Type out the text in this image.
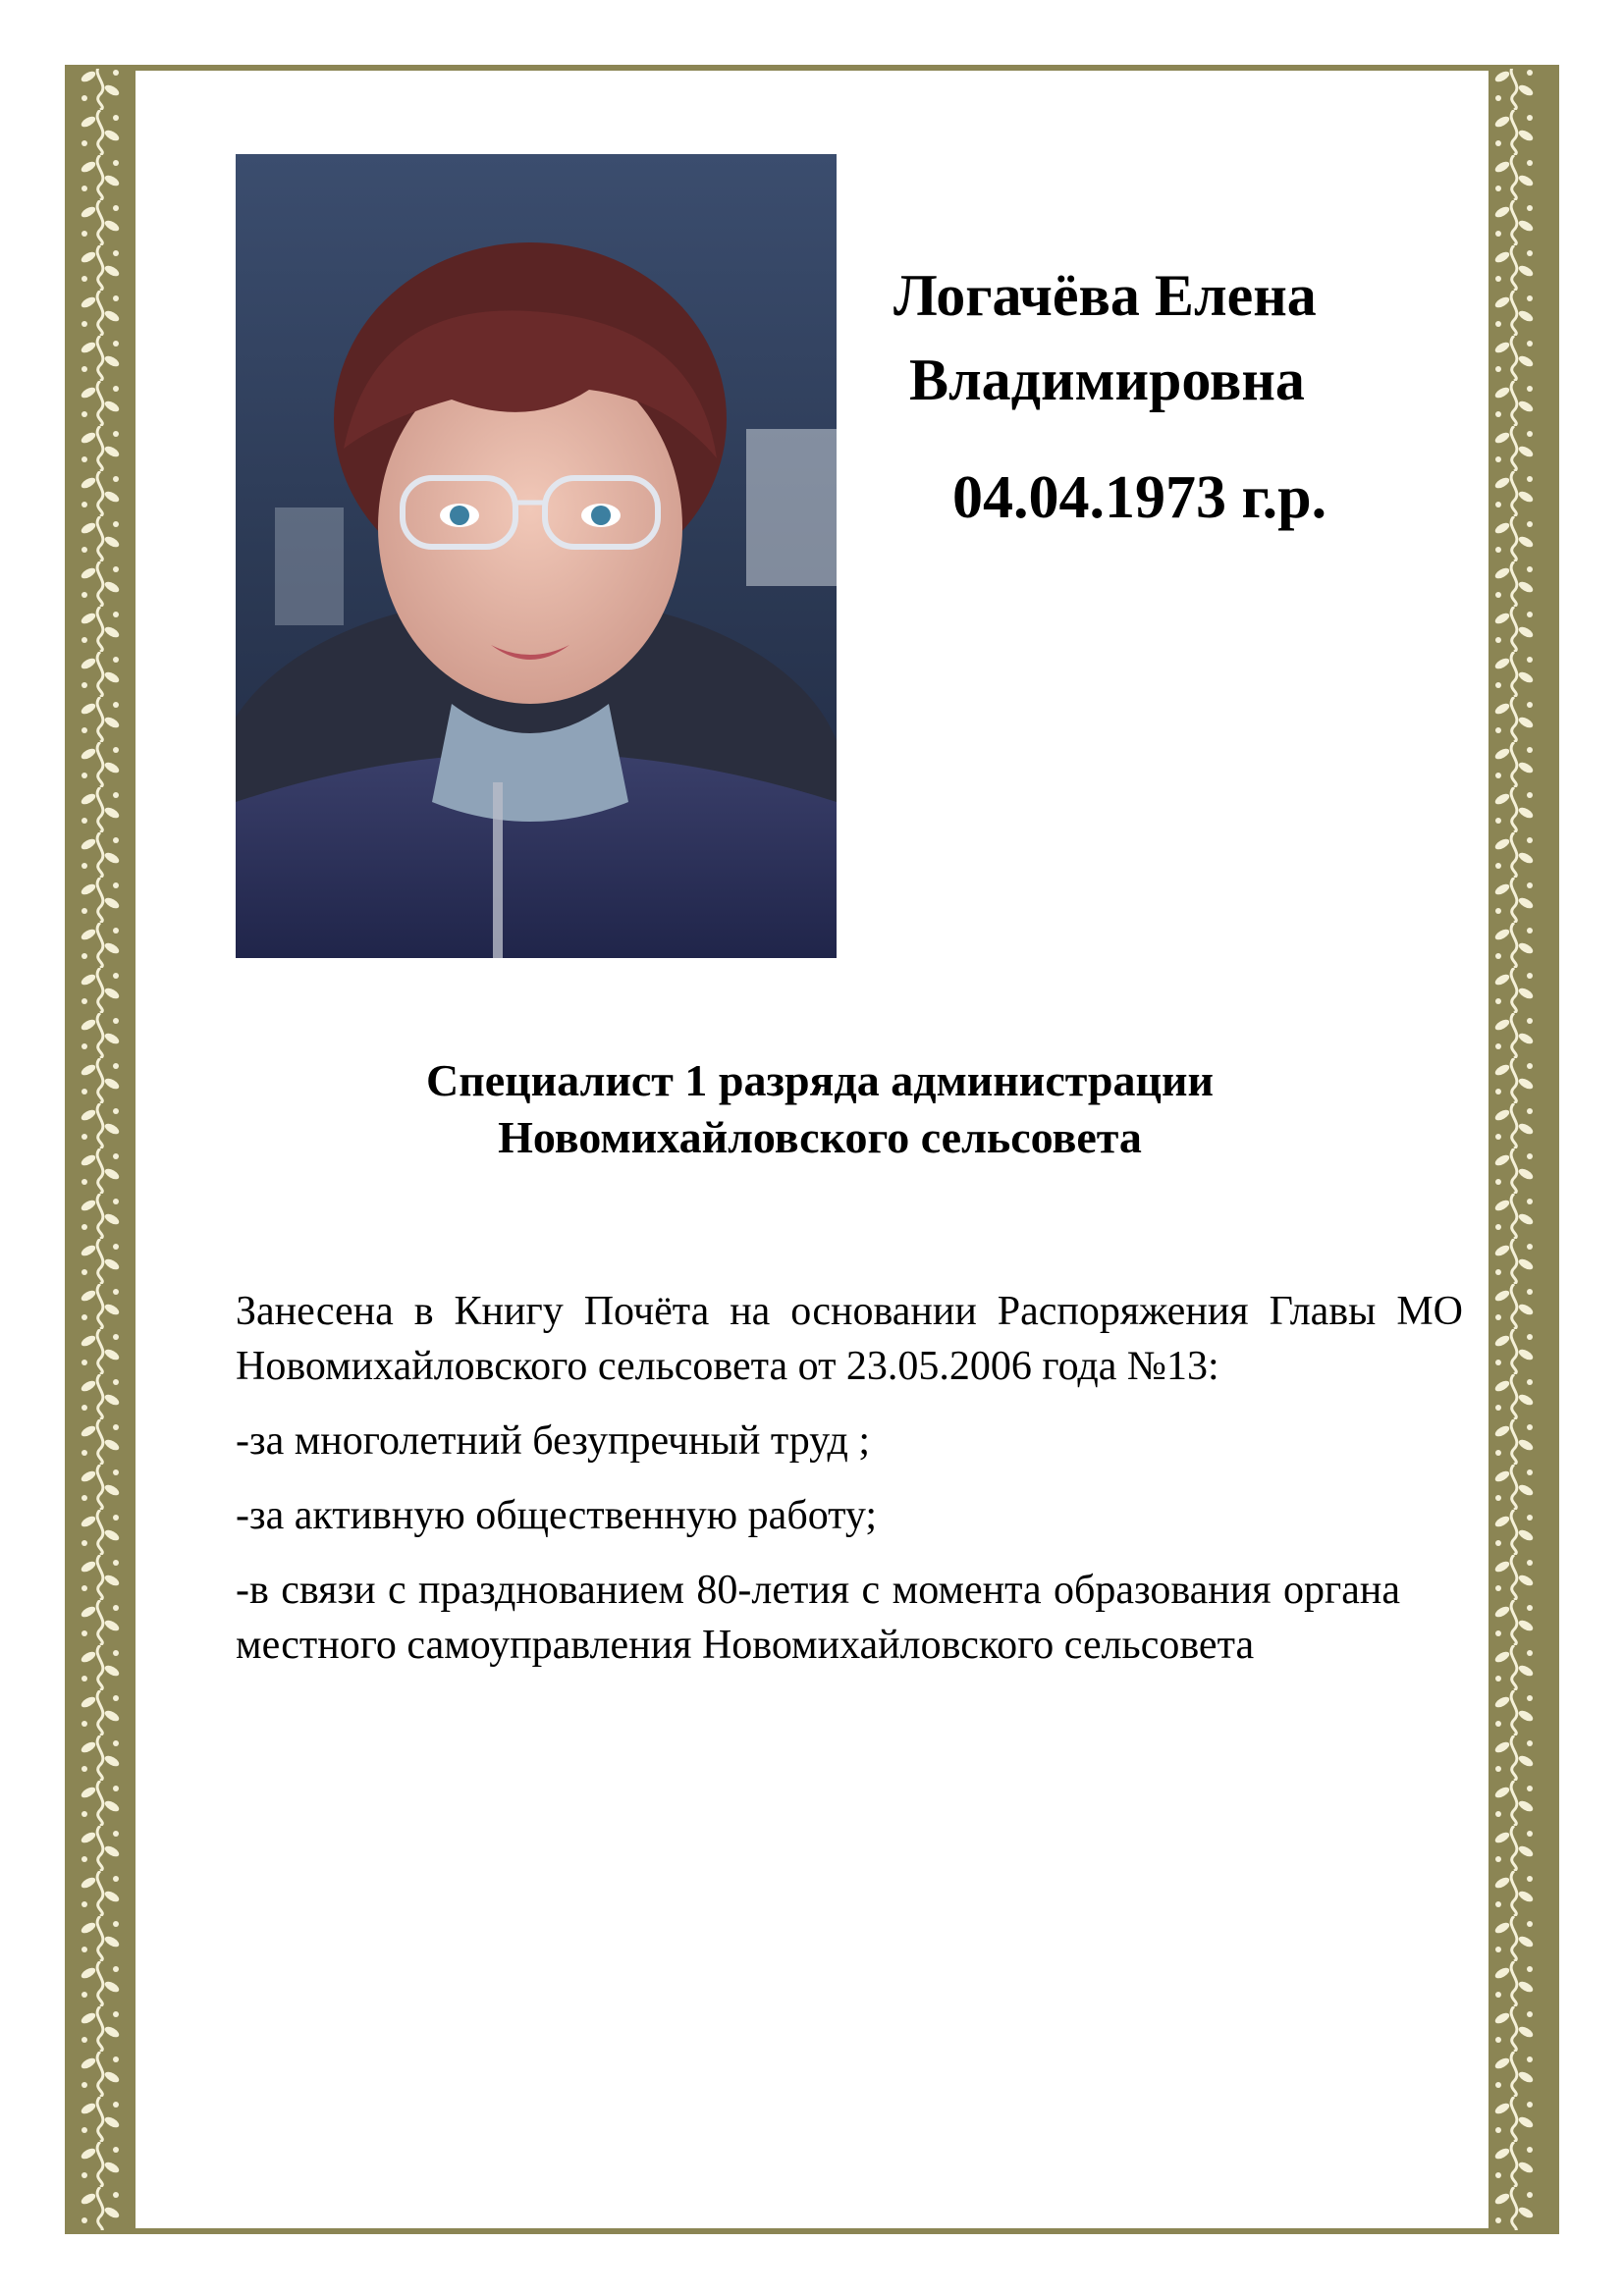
Логачёва Елена
Владимировна
04.04.1973 г.р.
Специалист 1 разряда администрации
Новомихайловского сельсовета

Занесена в Книгу Почёта на основании Распоряжения Главы МО Новомихайловского сельсовета от 23.05.2006 года №13:

-за многолетний безупречный труд ;

-за активную общественную работу;

-в связи с празднованием 80-летия с момента образования органа местного самоуправления Новомихайловского сельсовета
